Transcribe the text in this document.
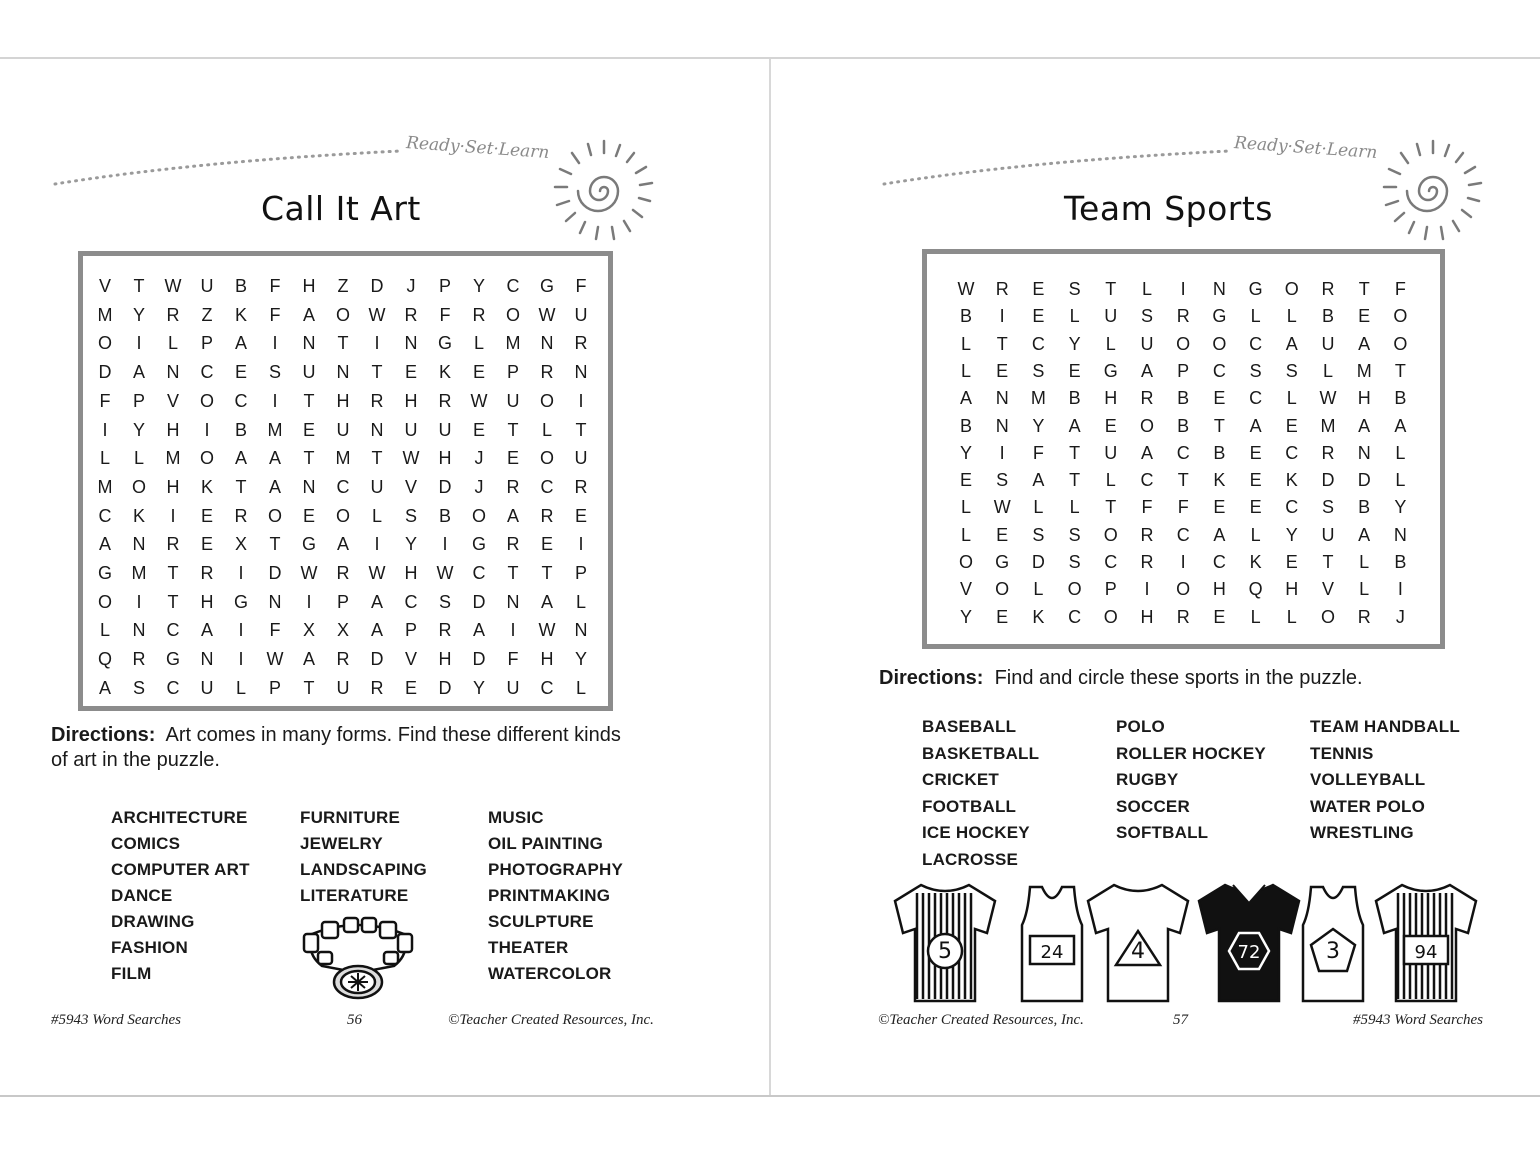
Ready·Set·Learn
Call It Art
V	T	W	U	B	F	H	Z	D	J	P	Y	C	G	F
M	Y	R	Z	K	F	A	O	W	R	F	R	O	W	U
O	I	L	P	A	I	N	T	I	N	G	L	M	N	R
D	A	N	C	E	S	U	N	T	E	K	E	P	R	N
F	P	V	O	C	I	T	H	R	H	R	W	U	O	I
I	Y	H	I	B	M	E	U	N	U	U	E	T	L	T
L	L	M	O	A	A	T	M	T	W	H	J	E	O	U
M	O	H	K	T	A	N	C	U	V	D	J	R	C	R
C	K	I	E	R	O	E	O	L	S	B	O	A	R	E
A	N	R	E	X	T	G	A	I	Y	I	G	R	E	I
G	M	T	R	I	D	W	R	W	H	W	C	T	T	P
O	I	T	H	G	N	I	P	A	C	S	D	N	A	L
L	N	C	A	I	F	X	X	A	P	R	A	I	W	N
Q	R	G	N	I	W	A	R	D	V	H	D	F	H	Y
A	S	C	U	L	P	T	U	R	E	D	Y	U	C	L
Directions: Art comes in many forms. Find these different kinds of art in the puzzle.
ARCHITECTURE
COMICS
COMPUTER ART
DANCE
DRAWING
FASHION
FILM
FURNITURE
JEWELRY
LANDSCAPING
LITERATURE
MUSIC
OIL PAINTING
PHOTOGRAPHY
PRINTMAKING
SCULPTURE
THEATER
WATERCOLOR
#5943 Word Searches	56	©Teacher Created Resources, Inc.
Ready·Set·Learn
Team Sports
W	R	E	S	T	L	I	N	G	O	R	T	F
B	I	E	L	U	S	R	G	L	L	B	E	O
L	T	C	Y	L	U	O	O	C	A	U	A	O
L	E	S	E	G	A	P	C	S	S	L	M	T
A	N	M	B	H	R	B	E	C	L	W	H	B
B	N	Y	A	E	O	B	T	A	E	M	A	A
Y	I	F	T	U	A	C	B	E	C	R	N	L
E	S	A	T	L	C	T	K	E	K	D	D	L
L	W	L	L	T	F	F	E	E	C	S	B	Y
L	E	S	S	O	R	C	A	L	Y	U	A	N
O	G	D	S	C	R	I	C	K	E	T	L	B
V	O	L	O	P	I	O	H	Q	H	V	L	I
Y	E	K	C	O	H	R	E	L	L	O	R	J
Directions: Find and circle these sports in the puzzle.
BASEBALL
BASKETBALL
CRICKET
FOOTBALL
ICE HOCKEY
LACROSSE
POLO
ROLLER HOCKEY
RUGBY
SOCCER
SOFTBALL
TEAM HANDBALL
TENNIS
VOLLEYBALL
WATER POLO
WRESTLING
5	24	4	72	3	94
©Teacher Created Resources, Inc.	57	#5943 Word Searches
